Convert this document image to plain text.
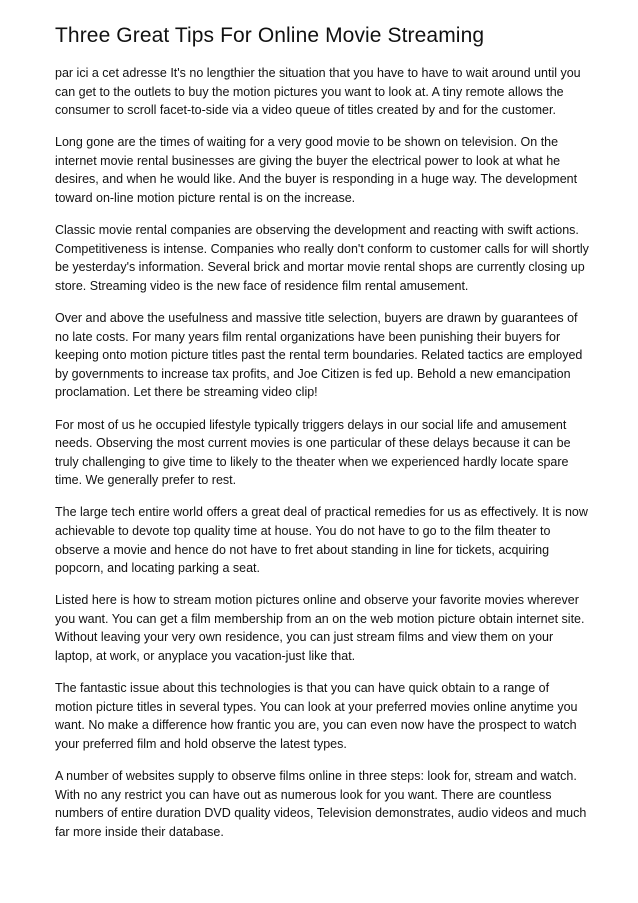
Three Great Tips For Online Movie Streaming

par ici a cet adresse It's no lengthier the situation that you have to have to wait around until you can get to the outlets to buy the motion pictures you want to look at. A tiny remote allows the consumer to scroll facet-to-side via a video queue of titles created by and for the customer.

Long gone are the times of waiting for a very good movie to be shown on television. On the internet movie rental businesses are giving the buyer the electrical power to look at what he desires, and when he would like. And the buyer is responding in a huge way. The development toward on-line motion picture rental is on the increase.

Classic movie rental companies are observing the development and reacting with swift actions. Competitiveness is intense. Companies who really don't conform to customer calls for will shortly be yesterday's information. Several brick and mortar movie rental shops are currently closing up store. Streaming video is the new face of residence film rental amusement.

Over and above the usefulness and massive title selection, buyers are drawn by guarantees of no late costs. For many years film rental organizations have been punishing their buyers for keeping onto motion picture titles past the rental term boundaries. Related tactics are employed by governments to increase tax profits, and Joe Citizen is fed up. Behold a new emancipation proclamation. Let there be streaming video clip!

For most of us he occupied lifestyle typically triggers delays in our social life and amusement needs. Observing the most current movies is one particular of these delays because it can be truly challenging to give time to likely to the theater when we experienced hardly locate spare time. We generally prefer to rest.

The large tech entire world offers a great deal of practical remedies for us as effectively. It is now achievable to devote top quality time at house. You do not have to go to the film theater to observe a movie and hence do not have to fret about standing in line for tickets, acquiring popcorn, and locating parking a seat.

Listed here is how to stream motion pictures online and observe your favorite movies wherever you want. You can get a film membership from an on the web motion picture obtain internet site. Without leaving your very own residence, you can just stream films and view them on your laptop, at work, or anyplace you vacation-just like that.

The fantastic issue about this technologies is that you can have quick obtain to a range of motion picture titles in several types. You can look at your preferred movies online anytime you want. No make a difference how frantic you are, you can even now have the prospect to watch your preferred film and hold observe the latest types.

A number of websites supply to observe films online in three steps: look for, stream and watch. With no any restrict you can have out as numerous look for you want. There are countless numbers of entire duration DVD quality videos, Television demonstrates, audio videos and much far more inside their database.
